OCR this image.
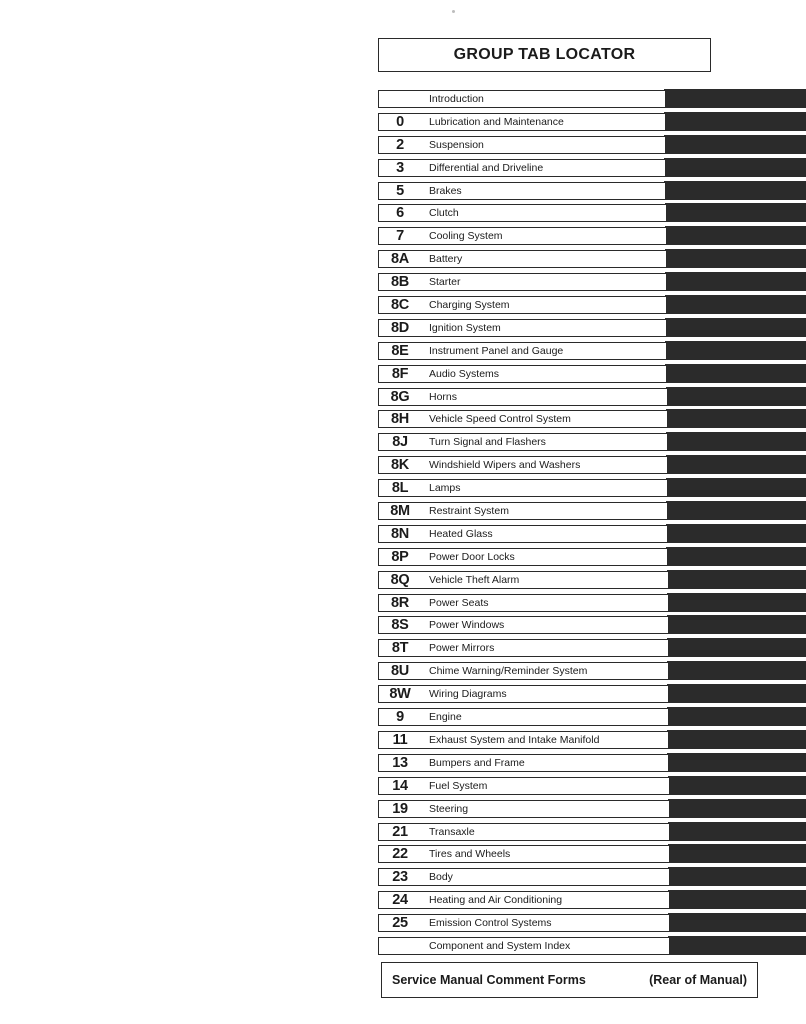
GROUP TAB LOCATOR
Introduction
0	Lubrication and Maintenance
2	Suspension
3	Differential and Driveline
5	Brakes
6	Clutch
7	Cooling System
8A	Battery
8B	Starter
8C	Charging System
8D	Ignition System
8E	Instrument Panel and Gauge
8F	Audio Systems
8G	Horns
8H	Vehicle Speed Control System
8J	Turn Signal and Flashers
8K	Windshield Wipers and Washers
8L	Lamps
8M	Restraint System
8N	Heated Glass
8P	Power Door Locks
8Q	Vehicle Theft Alarm
8R	Power Seats
8S	Power Windows
8T	Power Mirrors
8U	Chime Warning/Reminder System
8W	Wiring Diagrams
9	Engine
11	Exhaust System and Intake Manifold
13	Bumpers and Frame
14	Fuel System
19	Steering
21	Transaxle
22	Tires and Wheels
23	Body
24	Heating and Air Conditioning
25	Emission Control Systems
Component and System Index
Service Manual Comment Forms	(Rear of Manual)
